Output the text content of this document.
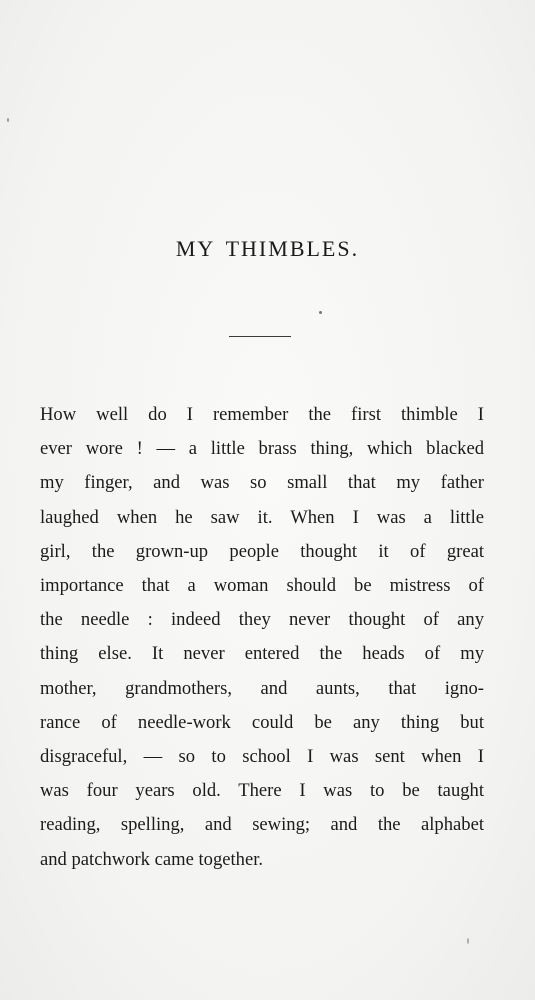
MY THIMBLES.
How well do I remember the first thimble I
ever wore ! — a little brass thing, which blacked
my finger, and was so small that my father
laughed when he saw it. When I was a little
girl, the grown-up people thought it of great
importance that a woman should be mistress of
the needle : indeed they never thought of any
thing else. It never entered the heads of my
mother, grandmothers, and aunts, that igno-
rance of needle-work could be any thing but
disgraceful, — so to school I was sent when I
was four years old. There I was to be taught
reading, spelling, and sewing; and the alphabet
and patchwork came together.
